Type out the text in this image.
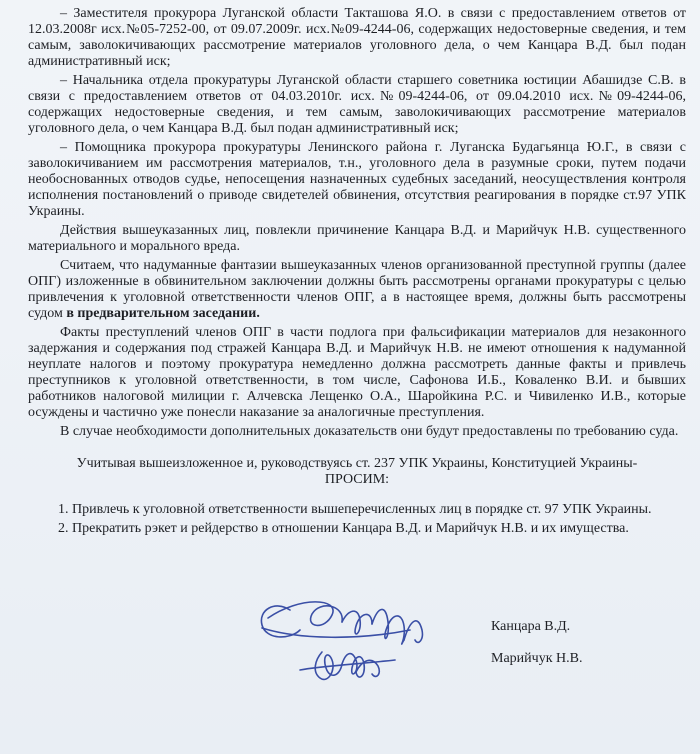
– Заместителя прокурора Луганской области Такташова Я.О. в связи с предоставлением ответов от 12.03.2008г исх.№05-7252-00, от 09.07.2009г. исх.№09-4244-06, содержащих недостоверные сведения, и тем самым, заволокичивающих рассмотрение материалов уголовного дела, о чем Канцара В.Д. был подан административный иск;

– Начальника отдела прокуратуры Луганской области старшего советника юстиции Абашидзе С.В. в связи с предоставлением ответов от 04.03.2010г. исх.№09-4244-06, от 09.04.2010 исх.№09-4244-06, содержащих недостоверные сведения, и тем самым, заволокичивающих рассмотрение материалов уголовного дела, о чем Канцара В.Д. был подан административный иск;

– Помощника прокурора прокуратуры Ленинского района г. Луганска Будагьянца Ю.Г., в связи с заволокичиванием им рассмотрения материалов, т.н., уголовного дела в разумные сроки, путем подачи необоснованных отводов судье, непосещения назначенных судебных заседаний, неосуществления контроля исполнения постановлений о приводе свидетелей обвинения, отсутствия реагирования в порядке ст.97 УПК Украины.

Действия вышеуказанных лиц, повлекли причинение Канцара В.Д. и Марийчук Н.В. существенного материального и морального вреда.

Считаем, что надуманные фантазии вышеуказанных членов организованной преступной группы (далее ОПГ) изложенные в обвинительном заключении должны быть рассмотрены органами прокуратуры с целью привлечения к уголовной ответственности членов ОПГ, а в настоящее время, должны быть рассмотрены судом в предварительном заседании.

Факты преступлений членов ОПГ в части подлога при фальсификации материалов для незаконного задержания и содержания под стражей Канцара В.Д. и Марийчук Н.В. не имеют отношения к надуманной неуплате налогов и поэтому прокуратура немедленно должна рассмотреть данные факты и привлечь преступников к уголовной ответственности, в том числе, Сафонова И.Б., Коваленко В.И. и бывших работников налоговой милиции г. Алчевска Лещенко О.А., Шаройкина Р.С. и Чивиленко И.В., которые осуждены и частично уже понесли наказание за аналогичные преступления.

В случае необходимости дополнительных доказательств они будут предоставлены по требованию суда.

Учитывая вышеизложенное и, руководствуясь ст. 237 УПК Украины, Конституцией Украины-

ПРОСИМ:

1. Привлечь к уголовной ответственности вышеперечисленных лиц в порядке ст. 97 УПК Украины.

2. Прекратить рэкет и рейдерство в отношении Канцара В.Д. и Марийчук Н.В. и их имущества.

Канцара В.Д.
Марийчук Н.В.
